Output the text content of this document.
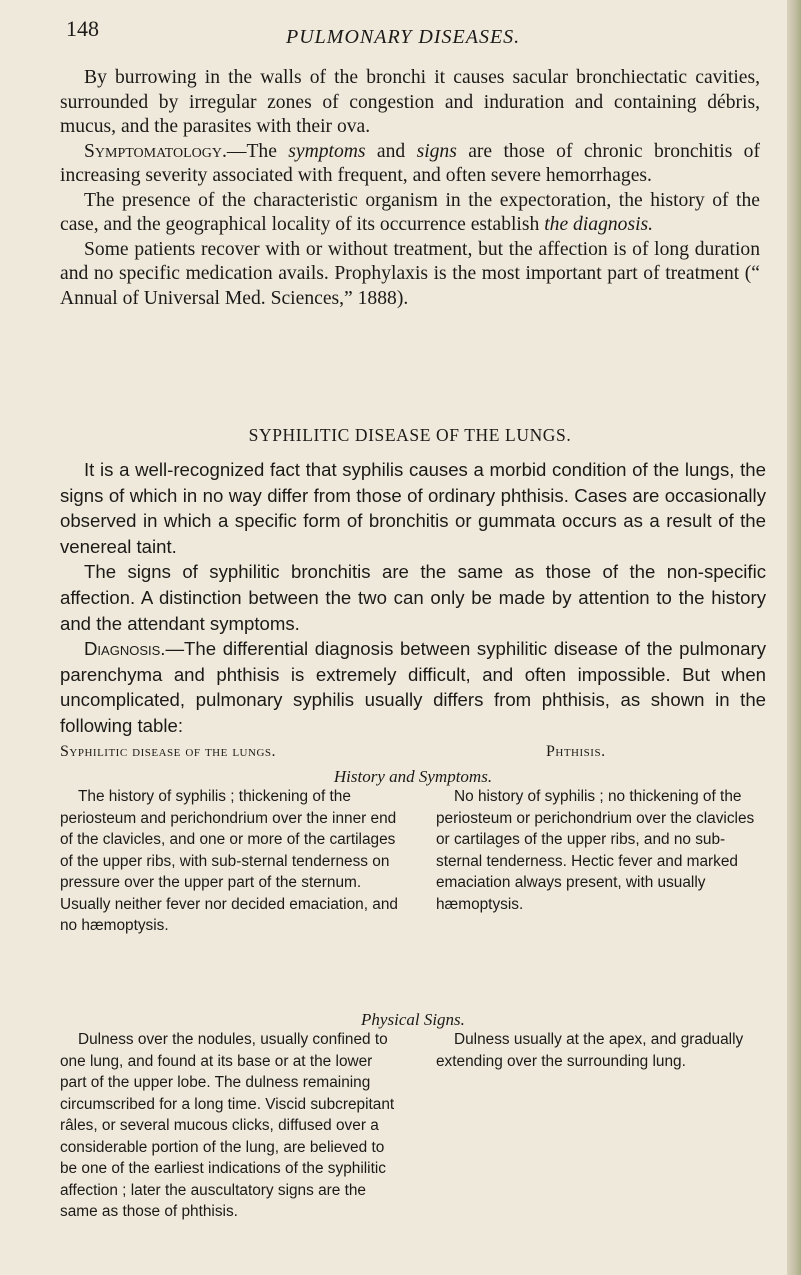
148	PULMONARY DISEASES.

By burrowing in the walls of the bronchi it causes sacular bronchiectatic cavities, surrounded by irregular zones of congestion and induration and containing débris, mucus, and the parasites with their ova.

Symptomatology.—The symptoms and signs are those of chronic bronchitis of increasing severity associated with frequent, and often severe hemorrhages.

The presence of the characteristic organism in the expectoration, the history of the case, and the geographical locality of its occurrence establish the diagnosis.

Some patients recover with or without treatment, but the affection is of long duration and no specific medication avails. Prophylaxis is the most important part of treatment (“ Annual of Universal Med. Sciences,” 1888).

SYPHILITIC DISEASE OF THE LUNGS.

It is a well-recognized fact that syphilis causes a morbid condition of the lungs, the signs of which in no way differ from those of ordinary phthisis. Cases are occasionally observed in which a specific form of bronchitis or gummata occurs as a result of the venereal taint.

The signs of syphilitic bronchitis are the same as those of the non-specific affection. A distinction between the two can only be made by attention to the history and the attendant symptoms.

Diagnosis.—The differential diagnosis between syphilitic disease of the pulmonary parenchyma and phthisis is extremely difficult, and often impossible. But when uncomplicated, pulmonary syphilis usually differs from phthisis, as shown in the following table:

Syphilitic disease of the lungs.	Phthisis.
History and Symptoms.

The history of syphilis ; thickening of the periosteum and perichondrium over the inner end of the clavicles, and one or more of the cartilages of the upper ribs, with sub-sternal tenderness on pressure over the upper part of the sternum. Usually neither fever nor decided emaciation, and no hæmoptysis.

No history of syphilis ; no thickening of the periosteum or perichondrium over the clavicles or cartilages of the upper ribs, and no sub-sternal tenderness. Hectic fever and marked emaciation always present, with usually hæmoptysis.

Physical Signs.

Dulness over the nodules, usually confined to one lung, and found at its base or at the lower part of the upper lobe. The dulness remaining circumscribed for a long time. Viscid subcrepitant râles, or several mucous clicks, diffused over a considerable portion of the lung, are believed to be one of the earliest indications of the syphilitic affection ; later the auscultatory signs are the same as those of phthisis.

Dulness usually at the apex, and gradually extending over the surrounding lung.
